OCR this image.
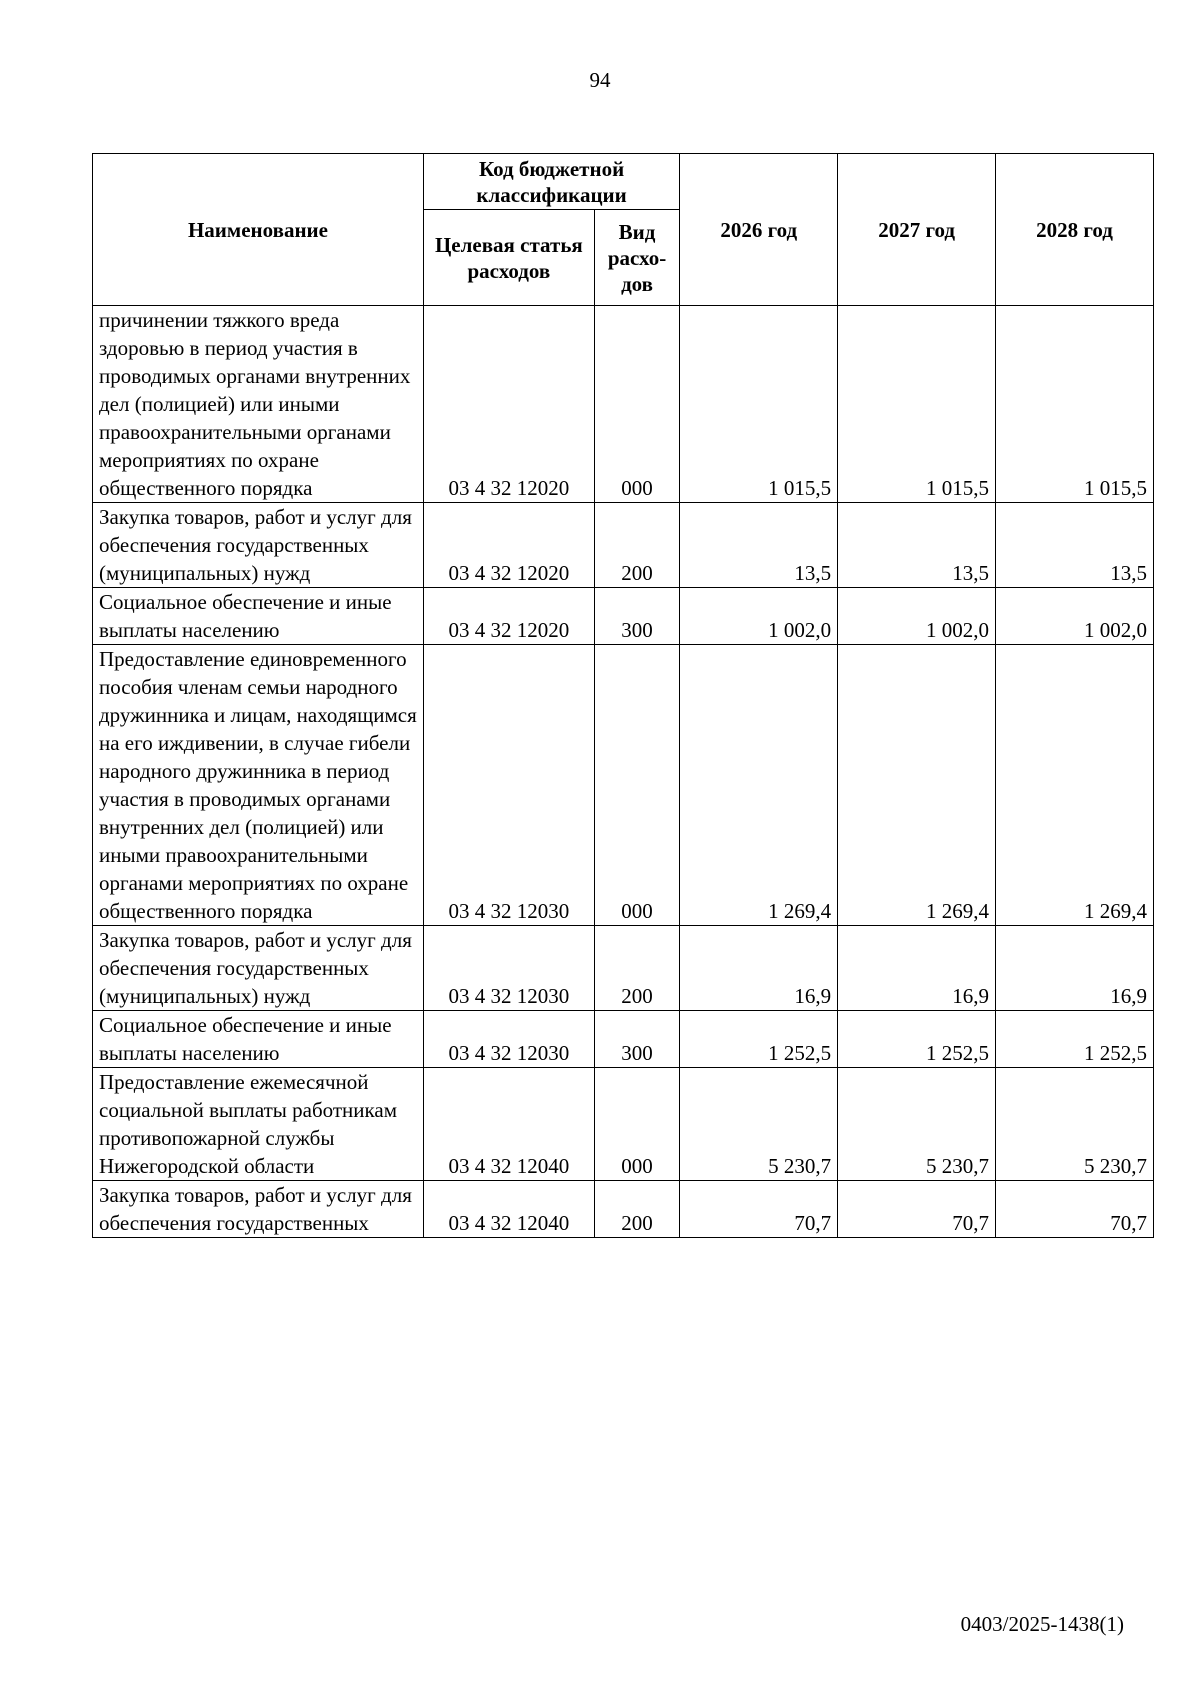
94
Наименование	Код бюджетной классификации		2026 год	2027 год	2028 год
	Целевая статья расходов	Вид расхо- дов			
причинении тяжкого вреда здоровью в период участия в проводимых органами внутренних дел (полицией) или иными правоохранительными органами мероприятиях по охране общественного порядка	03 4 32 12020	000	1 015,5	1 015,5	1 015,5
Закупка товаров, работ и услуг для обеспечения государственных (муниципальных) нужд	03 4 32 12020	200	13,5	13,5	13,5
Социальное обеспечение и иные выплаты населению	03 4 32 12020	300	1 002,0	1 002,0	1 002,0
Предоставление единовременного пособия членам семьи народного дружинника и лицам, находящимся на его иждивении, в случае гибели народного дружинника в период участия в проводимых органами внутренних дел (полицией) или иными правоохранительными органами мероприятиях по охране общественного порядка	03 4 32 12030	000	1 269,4	1 269,4	1 269,4
Закупка товаров, работ и услуг для обеспечения государственных (муниципальных) нужд	03 4 32 12030	200	16,9	16,9	16,9
Социальное обеспечение и иные выплаты населению	03 4 32 12030	300	1 252,5	1 252,5	1 252,5
Предоставление ежемесячной социальной выплаты работникам противопожарной службы Нижегородской области	03 4 32 12040	000	5 230,7	5 230,7	5 230,7
Закупка товаров, работ и услуг для обеспечения государственных	03 4 32 12040	200	70,7	70,7	70,7
0403/2025-1438(1)
